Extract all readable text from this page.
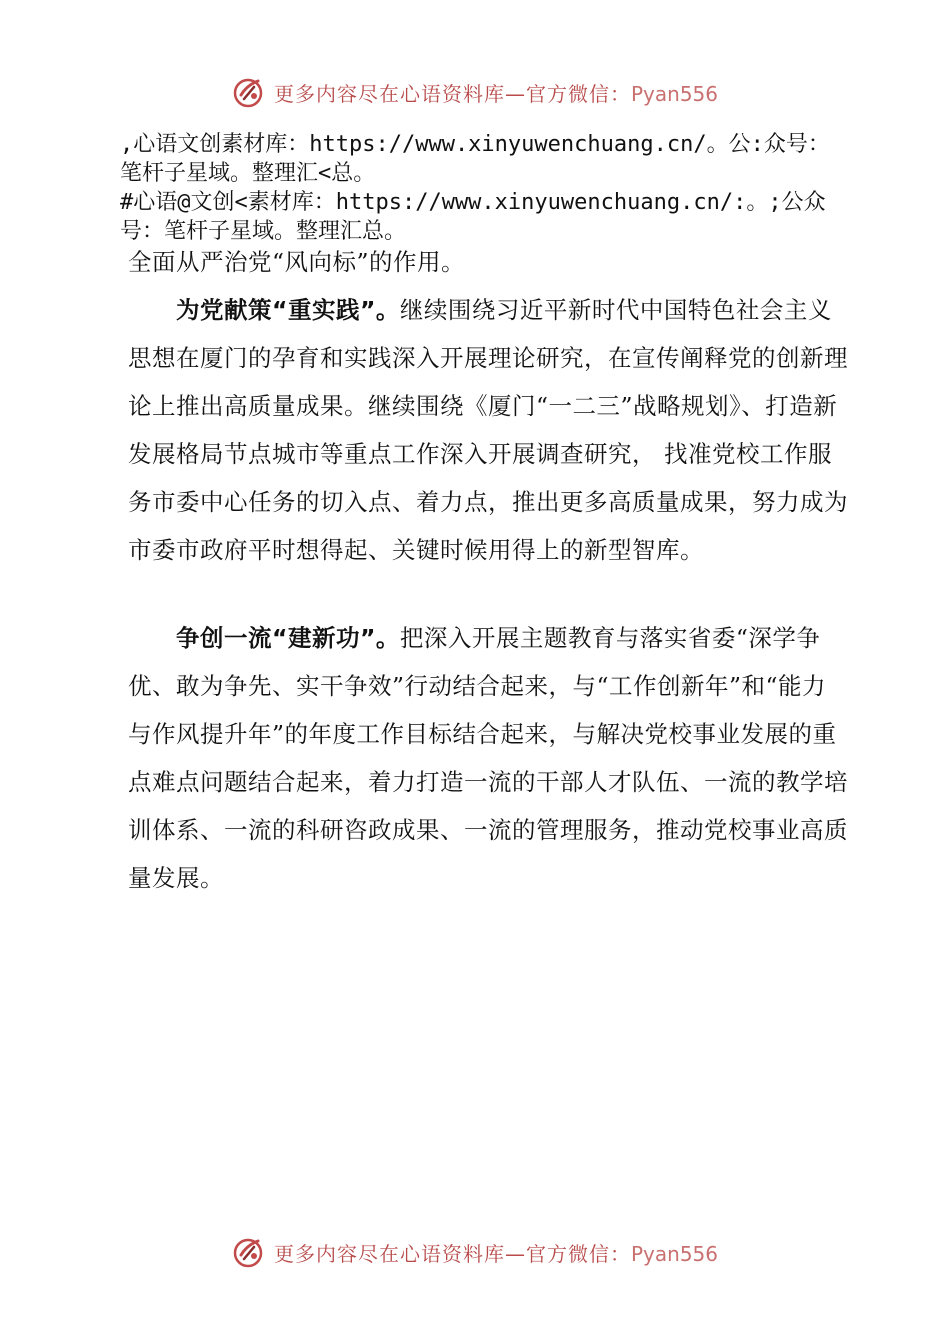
更多内容尽在心语资料库—官方微信：Pyan556
,心语文创素材库：https://www.xinyuwenchuang.cn/。公:众号：笔杆子星域。整理汇<总。
#心语@文创<素材库：https://www.xinyuwenchuang.cn/:。;公众号：笔杆子星域。整理汇总。
全面从严治党“风向标”的作用。
为党献策“重实践”。继续围绕习近平新时代中国特色社会主义思想在厦门的孕育和实践深入开展理论研究，在宣传阐释党的创新理论上推出高质量成果。继续围绕《厦门“一二三”战略规划》、打造新发展格局节点城市等重点工作深入开展调查研究， 找准党校工作服务市委中心任务的切入点、着力点，推出更多高质量成果，努力成为市委市政府平时想得起、关键时候用得上的新型智库。
争创一流“建新功”。把深入开展主题教育与落实省委“深学争优、敢为争先、实干争效”行动结合起来，与“工作创新年”和“能力与作风提升年”的年度工作目标结合起来，与解决党校事业发展的重点难点问题结合起来，着力打造一流的干部人才队伍、一流的教学培训体系、一流的科研咨政成果、一流的管理服务，推动党校事业高质量发展。
更多内容尽在心语资料库—官方微信：Pyan556
